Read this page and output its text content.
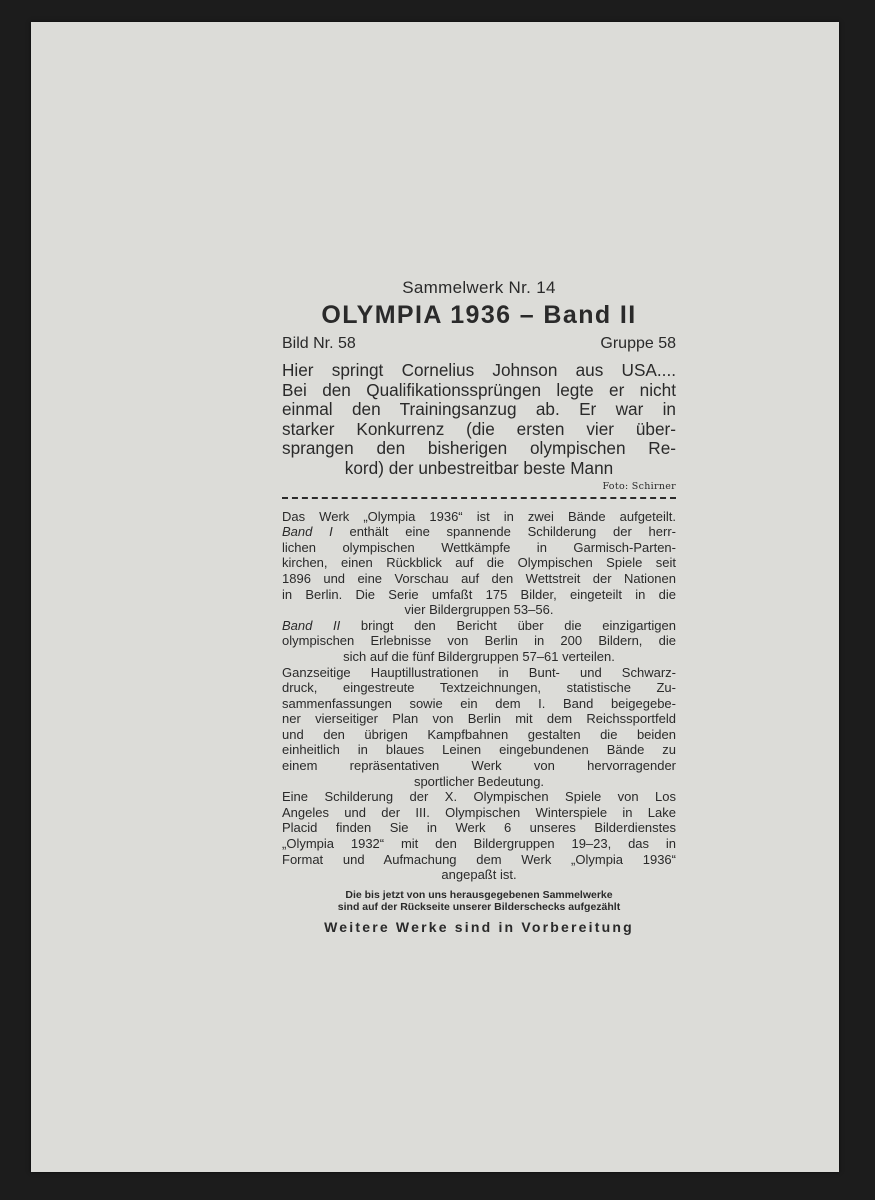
Sammelwerk Nr. 14

OLYMPIA 1936 – Band II

Bild Nr. 58	Gruppe 58
Hier springt Cornelius Johnson aus USA....
Bei den Qualifikationssprüngen legte er nicht
einmal den Trainingsanzug ab. Er war in
starker Konkurrenz (die ersten vier über-
sprangen den bisherigen olympischen Re-
kord) der unbestreitbar beste Mann
Foto: Schirner
Das Werk „Olympia 1936“ ist in zwei Bände aufgeteilt.
Band I enthält eine spannende Schilderung der herr-
lichen olympischen Wettkämpfe in Garmisch-Parten-
kirchen, einen Rückblick auf die Olympischen Spiele seit
1896 und eine Vorschau auf den Wettstreit der Nationen
in Berlin. Die Serie umfaßt 175 Bilder, eingeteilt in die
vier Bildergruppen 53–56.
Band II bringt den Bericht über die einzigartigen
olympischen Erlebnisse von Berlin in 200 Bildern, die
sich auf die fünf Bildergruppen 57–61 verteilen.
Ganzseitige Hauptillustrationen in Bunt- und Schwarz-
druck, eingestreute Textzeichnungen, statistische Zu-
sammenfassungen sowie ein dem I. Band beigegebe-
ner vierseitiger Plan von Berlin mit dem Reichssportfeld
und den übrigen Kampfbahnen gestalten die beiden
einheitlich in blaues Leinen eingebundenen Bände zu
einem repräsentativen Werk von hervorragender
sportlicher Bedeutung.
Eine Schilderung der X. Olympischen Spiele von Los
Angeles und der III. Olympischen Winterspiele in Lake
Placid finden Sie in Werk 6 unseres Bilderdienstes
„Olympia 1932“ mit den Bildergruppen 19–23, das in
Format und Aufmachung dem Werk „Olympia 1936“
angepaßt ist.
Die bis jetzt von uns herausgegebenen Sammelwerke
sind auf der Rückseite unserer Bilderschecks aufgezählt
Weitere Werke sind in Vorbereitung
